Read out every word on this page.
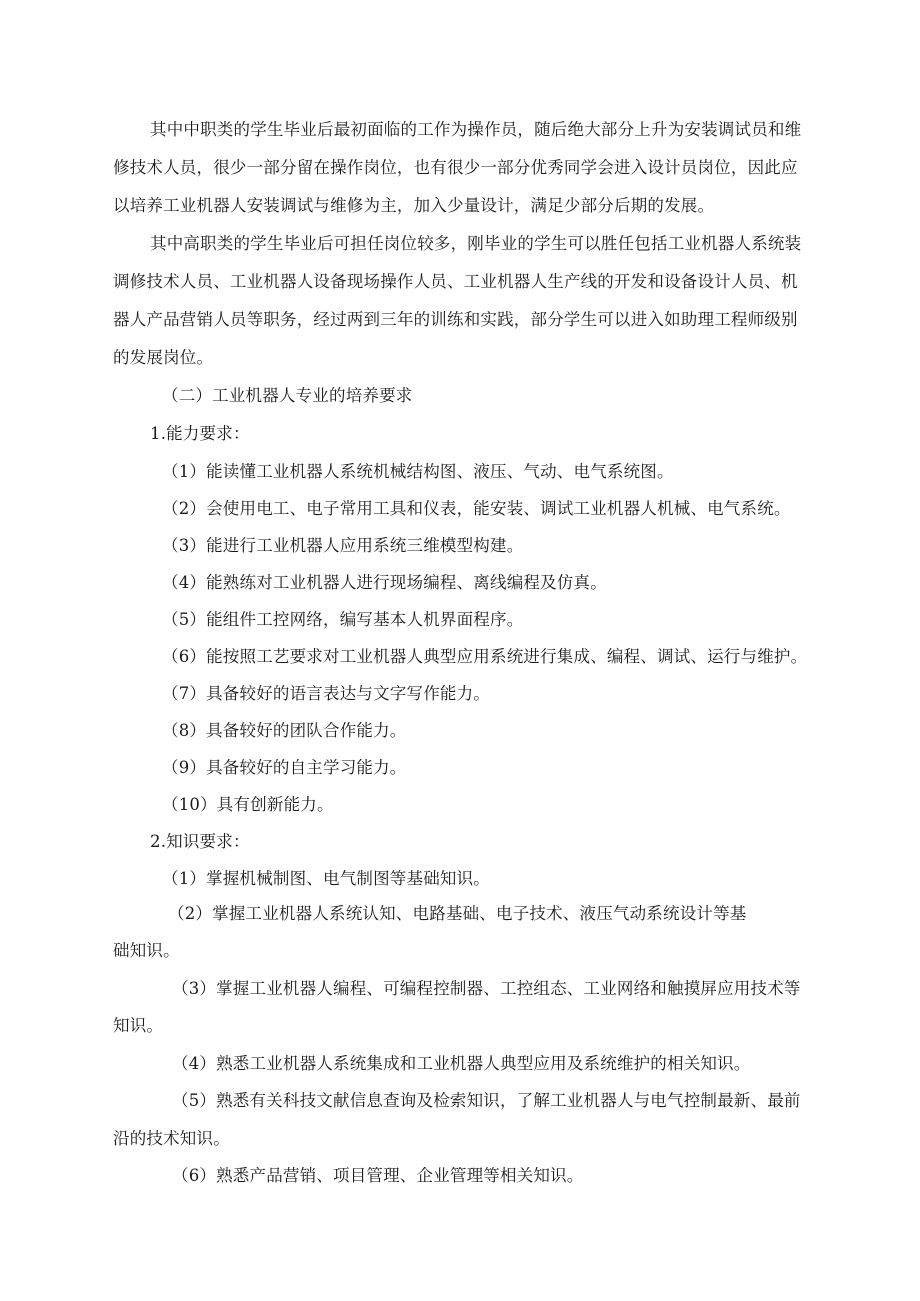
其中中职类的学生毕业后最初面临的工作为操作员，随后绝大部分上升为安装调试员和维
修技术人员，很少一部分留在操作岗位，也有很少一部分优秀同学会进入设计员岗位，因此应
以培养工业机器人安装调试与维修为主，加入少量设计，满足少部分后期的发展。
其中高职类的学生毕业后可担任岗位较多，刚毕业的学生可以胜任包括工业机器人系统装
调修技术人员、工业机器人设备现场操作人员、工业机器人生产线的开发和设备设计人员、机
器人产品营销人员等职务，经过两到三年的训练和实践，部分学生可以进入如助理工程师级别
的发展岗位。
（二）工业机器人专业的培养要求
1.能力要求：
（1）能读懂工业机器人系统机械结构图、液压、气动、电气系统图。
（2）会使用电工、电子常用工具和仪表，能安装、调试工业机器人机械、电气系统。
（3）能进行工业机器人应用系统三维模型构建。
（4）能熟练对工业机器人进行现场编程、离线编程及仿真。
（5）能组件工控网络，编写基本人机界面程序。
（6）能按照工艺要求对工业机器人典型应用系统进行集成、编程、调试、运行与维护。
（7）具备较好的语言表达与文字写作能力。
（8）具备较好的团队合作能力。
（9）具备较好的自主学习能力。
（10）具有创新能力。
2.知识要求：
（1）掌握机械制图、电气制图等基础知识。
（2）掌握工业机器人系统认知、电路基础、电子技术、液压气动系统设计等基
础知识。
（3）掌握工业机器人编程、可编程控制器、工控组态、工业网络和触摸屏应用技术等
知识。
（4）熟悉工业机器人系统集成和工业机器人典型应用及系统维护的相关知识。
（5）熟悉有关科技文献信息查询及检索知识，了解工业机器人与电气控制最新、最前
沿的技术知识。
（6）熟悉产品营销、项目管理、企业管理等相关知识。
